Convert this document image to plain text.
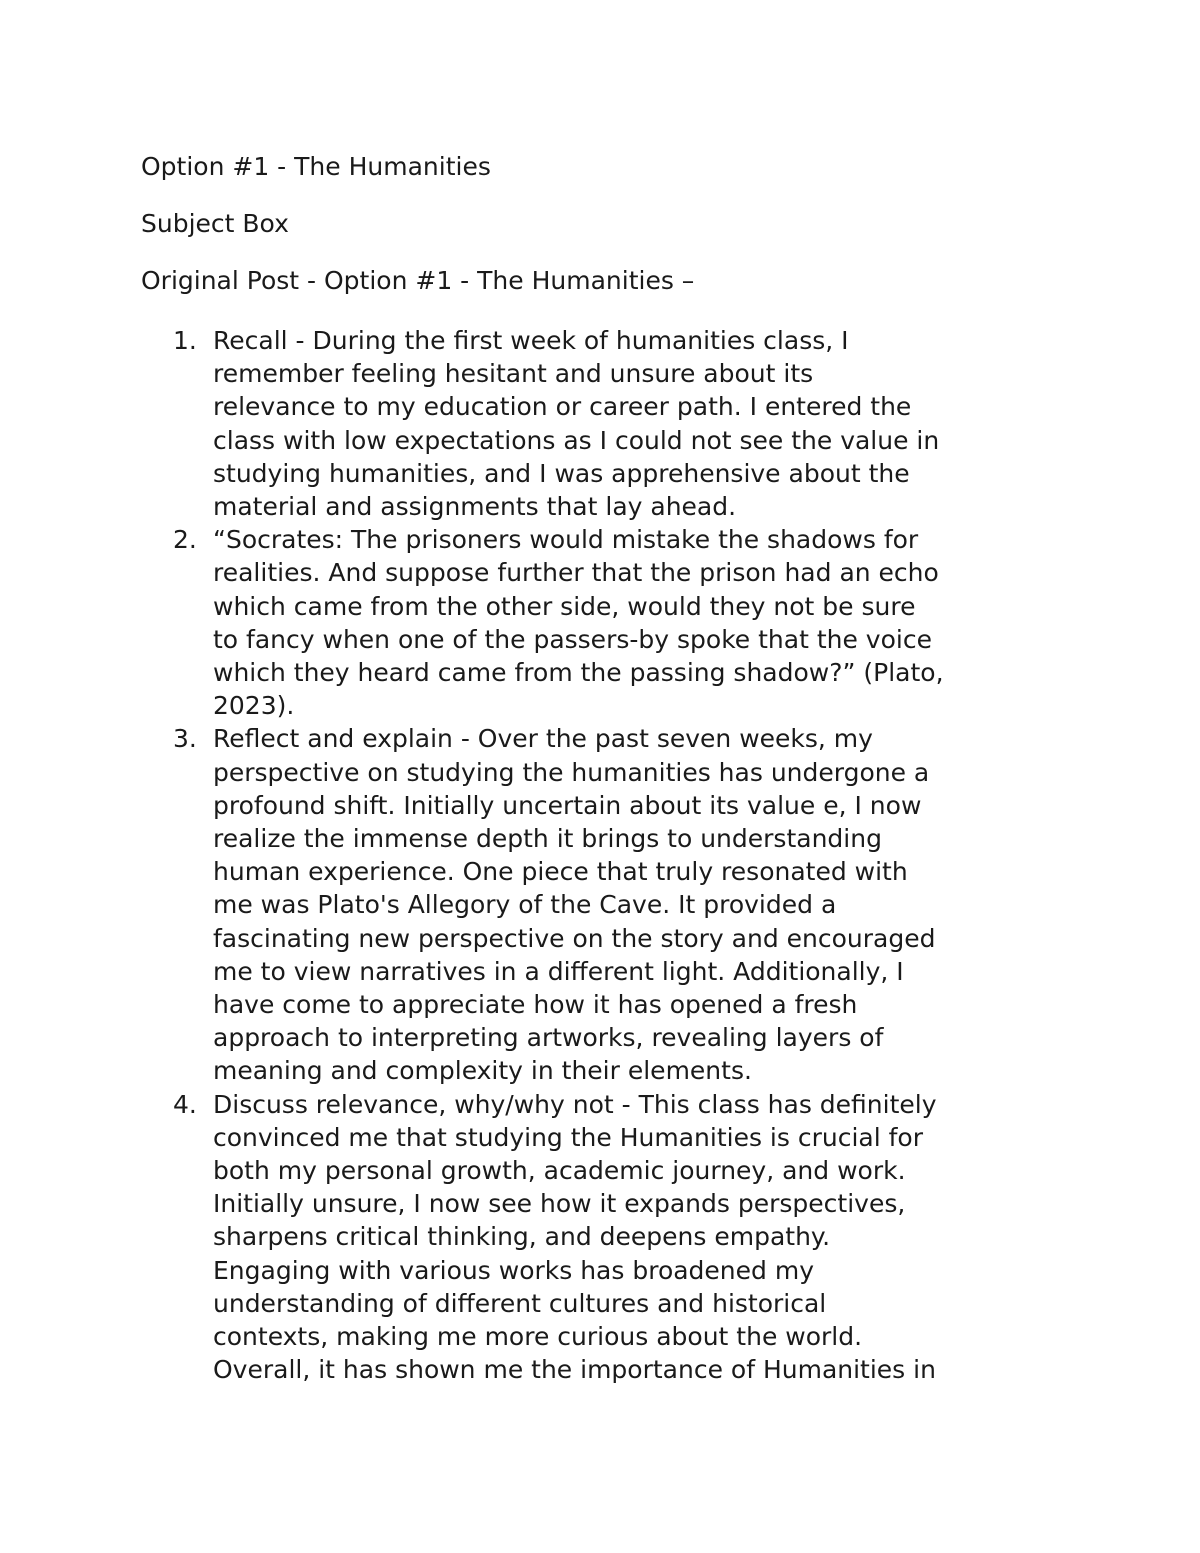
Option #1 - The Humanities

Subject Box

Original Post - Option #1 - The Humanities –

1. Recall - During the first week of humanities class, I
remember feeling hesitant and unsure about its
relevance to my education or career path. I entered the
class with low expectations as I could not see the value in
studying humanities, and I was apprehensive about the
material and assignments that lay ahead.
2. “Socrates: The prisoners would mistake the shadows for
realities. And suppose further that the prison had an echo
which came from the other side, would they not be sure
to fancy when one of the passers-by spoke that the voice
which they heard came from the passing shadow?” (Plato,
2023).
3. Reflect and explain - Over the past seven weeks, my
perspective on studying the humanities has undergone a
profound shift. Initially uncertain about its value e, I now
realize the immense depth it brings to understanding
human experience. One piece that truly resonated with
me was Plato's Allegory of the Cave. It provided a
fascinating new perspective on the story and encouraged
me to view narratives in a different light. Additionally, I
have come to appreciate how it has opened a fresh
approach to interpreting artworks, revealing layers of
meaning and complexity in their elements.
4. Discuss relevance, why/why not - This class has definitely
convinced me that studying the Humanities is crucial for
both my personal growth, academic journey, and work.
Initially unsure, I now see how it expands perspectives,
sharpens critical thinking, and deepens empathy.
Engaging with various works has broadened my
understanding of different cultures and historical
contexts, making me more curious about the world.
Overall, it has shown me the importance of Humanities in
